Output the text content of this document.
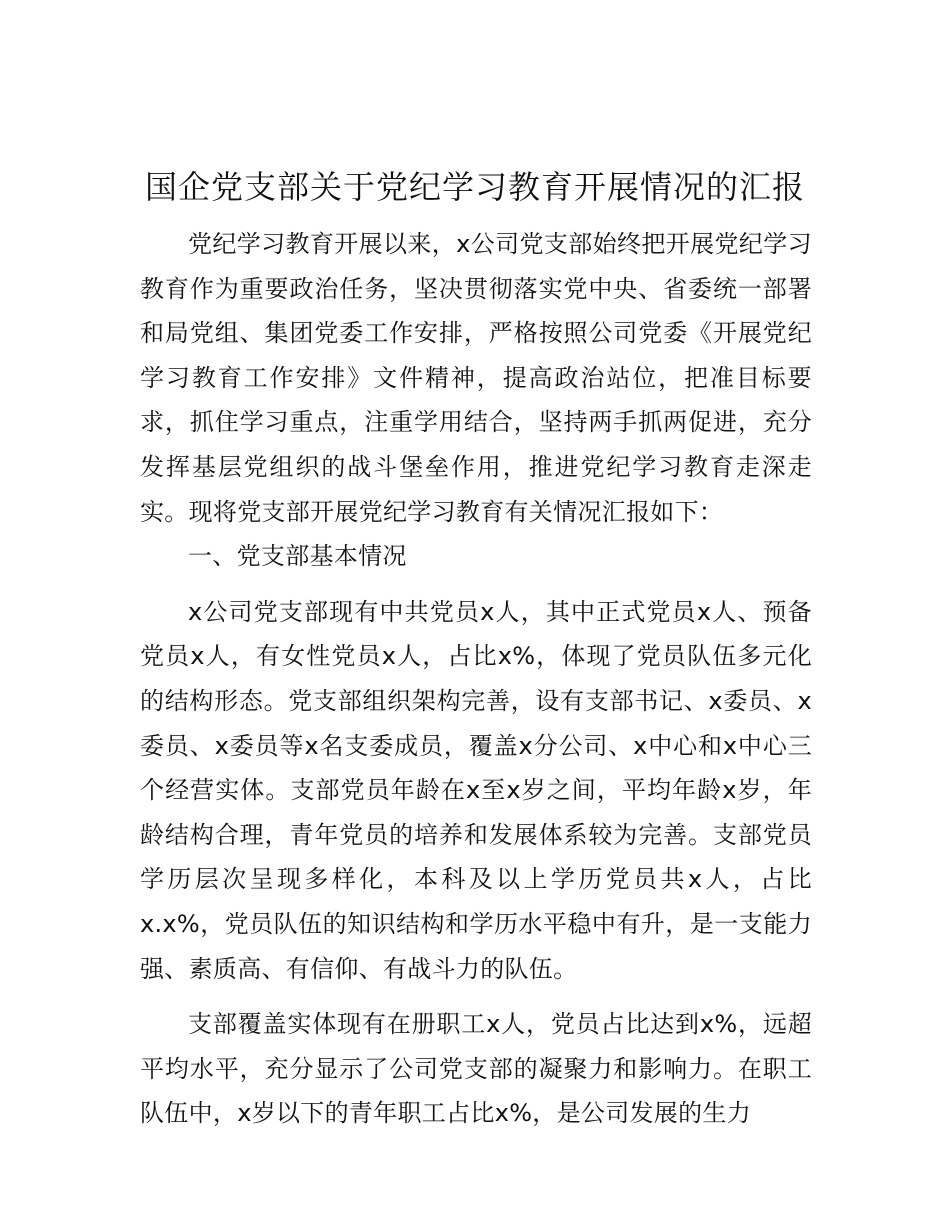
国企党支部关于党纪学习教育开展情况的汇报

党纪学习教育开展以来，x公司党支部始终把开展党纪学习教育作为重要政治任务，坚决贯彻落实党中央、省委统一部署和局党组、集团党委工作安排，严格按照公司党委《开展党纪学习教育工作安排》文件精神，提高政治站位，把准目标要求，抓住学习重点，注重学用结合，坚持两手抓两促进，充分发挥基层党组织的战斗堡垒作用，推进党纪学习教育走深走实。现将党支部开展党纪学习教育有关情况汇报如下：

一、党支部基本情况

x公司党支部现有中共党员x人，其中正式党员x人、预备党员x人，有女性党员x人，占比x%，体现了党员队伍多元化的结构形态。党支部组织架构完善，设有支部书记、x委员、x委员、x委员等x名支委成员，覆盖x分公司、x中心和x中心三个经营实体。支部党员年龄在x至x岁之间，平均年龄x岁，年龄结构合理，青年党员的培养和发展体系较为完善。支部党员学历层次呈现多样化，本科及以上学历党员共x人，占比x.x%，党员队伍的知识结构和学历水平稳中有升，是一支能力强、素质高、有信仰、有战斗力的队伍。

支部覆盖实体现有在册职工x人，党员占比达到x%，远超平均水平，充分显示了公司党支部的凝聚力和影响力。在职工队伍中，x岁以下的青年职工占比x%，是公司发展的生力
